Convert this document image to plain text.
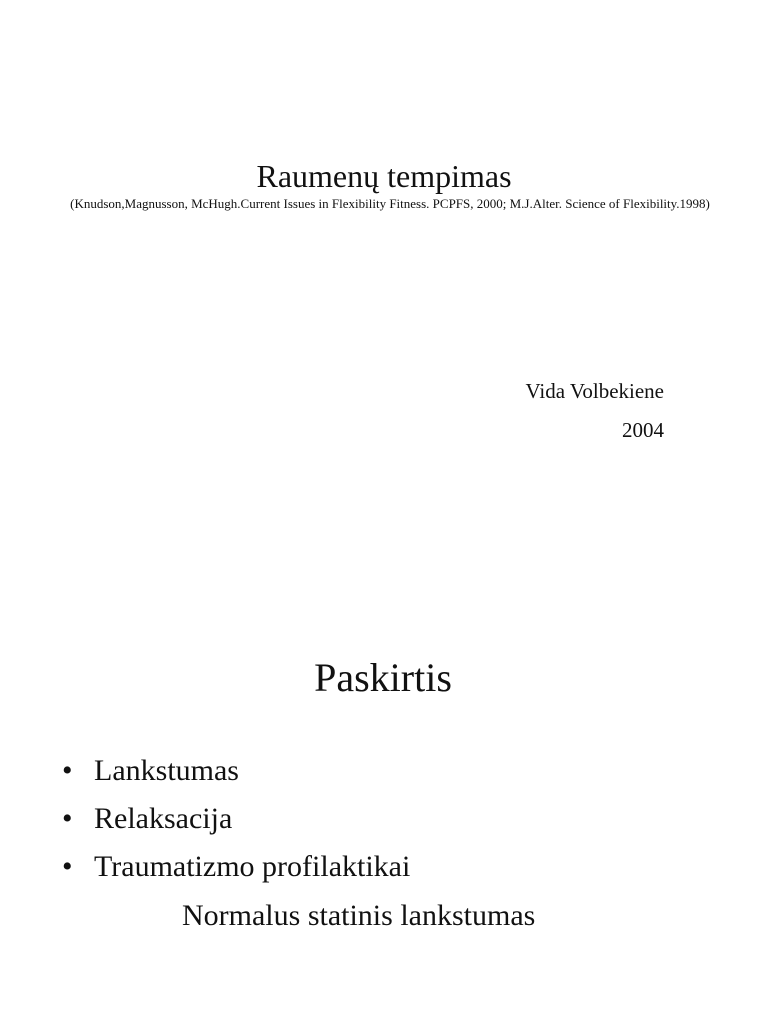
Raumenų tempimas
(Knudson,Magnusson, McHugh.Current Issues in Flexibility Fitness. PCPFS, 2000; M.J.Alter. Science of Flexibility.1998)
Vida Volbekiene
2004
Paskirtis
• Lankstumas
• Relaksacija
• Traumatizmo profilaktikai
Normalus statinis lankstumas
